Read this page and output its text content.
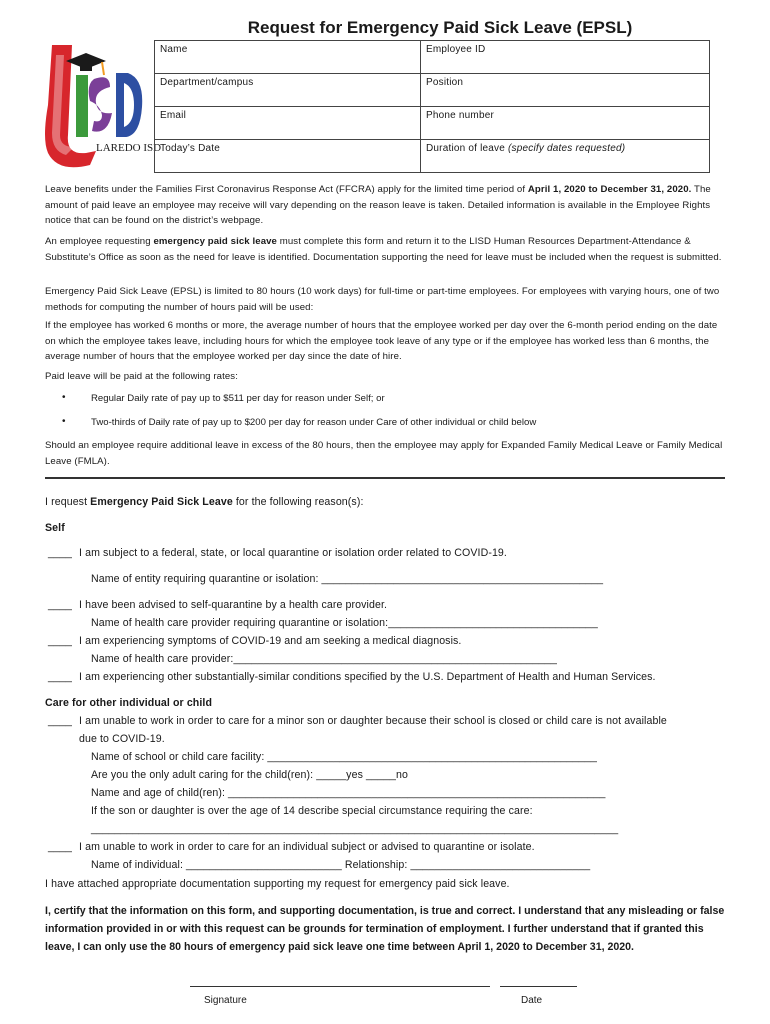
Request for Emergency Paid Sick Leave (EPSL)
LAREDO ISD
Name	Employee ID
Department/campus	Position
Email	Phone number
Today’s Date	Duration of leave (specify dates requested)
Leave benefits under the Families First Coronavirus Response Act (FFCRA) apply for the limited time period of April 1, 2020 to December 31, 2020. The amount of paid leave an employee may receive will vary depending on the reason leave is taken. Detailed information is available in the Employee Rights notice that can be found on the district’s webpage.
An employee requesting emergency paid sick leave must complete this form and return it to the LISD Human Resources Department-Attendance & Substitute’s Office as soon as the need for leave is identified. Documentation supporting the need for leave must be included when the request is submitted.
Emergency Paid Sick Leave (EPSL) is limited to 80 hours (10 work days) for full-time or part-time employees. For employees with varying hours, one of two methods for computing the number of hours paid will be used:
If the employee has worked 6 months or more, the average number of hours that the employee worked per day over the 6-month period ending on the date on which the employee takes leave, including hours for which the employee took leave of any type or if the employee has worked less than 6 months, the average number of hours that the employee worked per day since the date of hire.
Paid leave will be paid at the following rates:
•	Regular Daily rate of pay up to $511 per day for reason under Self; or
•	Two-thirds of Daily rate of pay up to $200 per day for reason under Care of other individual or child below
Should an employee require additional leave in excess of the 80 hours, then the employee may apply for Expanded Family Medical Leave or Family Medical Leave (FMLA).
I request Emergency Paid Sick Leave for the following reason(s):
Self
____ I am subject to a federal, state, or local quarantine or isolation order related to COVID-19.
Name of entity requiring quarantine or isolation: _______________________________________________
____ I have been advised to self-quarantine by a health care provider.
Name of health care provider requiring quarantine or isolation:___________________________________
____ I am experiencing symptoms of COVID-19 and am seeking a medical diagnosis.
Name of health care provider:______________________________________________________
____ I am experiencing other substantially-similar conditions specified by the U.S. Department of Health and Human Services.
Care for other individual or child
____ I am unable to work in order to care for a minor son or daughter because their school is closed or child care is not available
due to COVID-19.
Name of school or child care facility: _______________________________________________________
Are you the only adult caring for the child(ren): _____yes _____no
Name and age of child(ren): _______________________________________________________________
If the son or daughter is over the age of 14 describe special circumstance requiring the care:
________________________________________________________________________________________
____ I am unable to work in order to care for an individual subject or advised to quarantine or isolate.
Name of individual: __________________________ Relationship: ______________________________
I have attached appropriate documentation supporting my request for emergency paid sick leave.
I, certify that the information on this form, and supporting documentation, is true and correct. I understand that any misleading or false information provided in or with this request can be grounds for termination of employment. I further understand that if granted this leave, I can only use the 80 hours of emergency paid sick leave one time between April 1, 2020 to December 31, 2020.
Signature	Date
